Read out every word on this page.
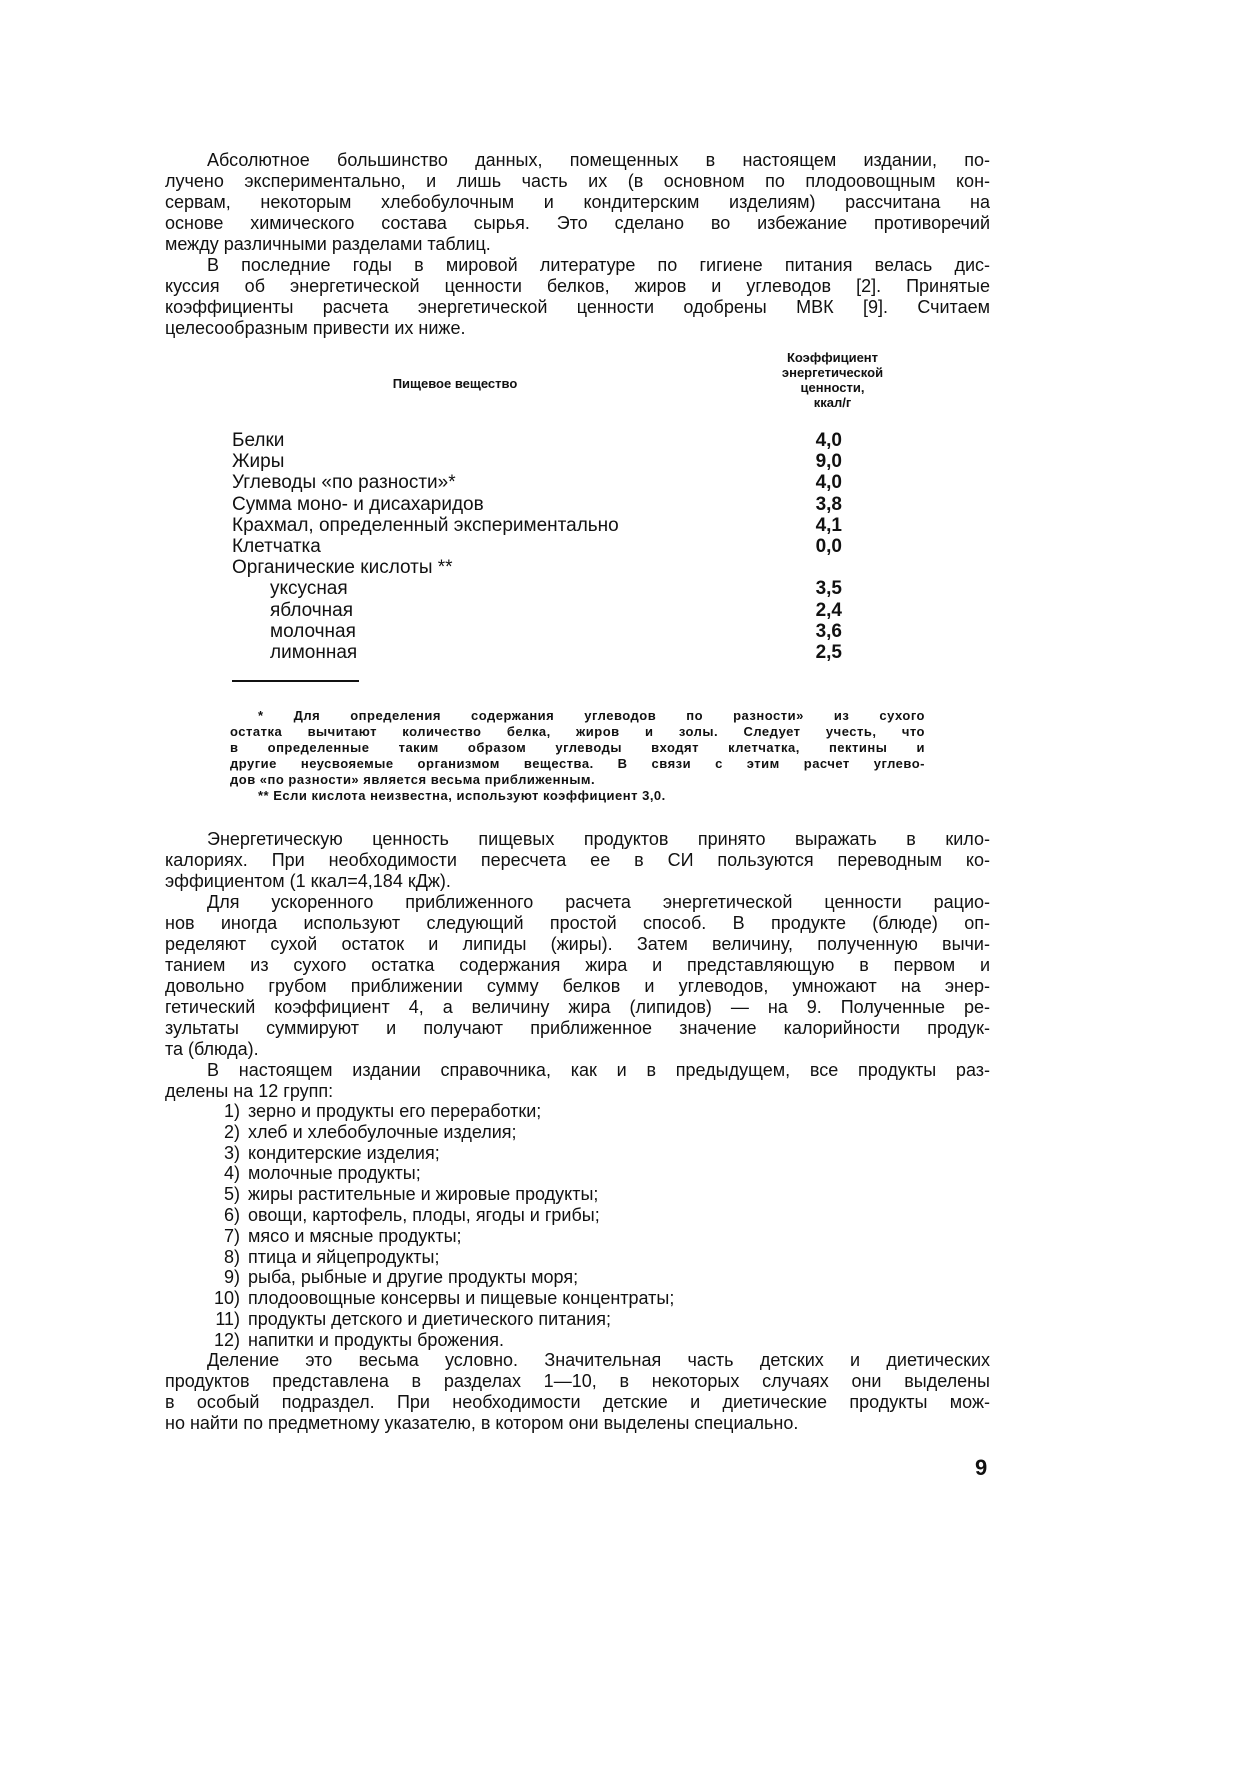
Абсолютное большинство данных, помещенных в настоящем издании, по-
лучено экспериментально, и лишь часть их (в основном по плодоовощным кон-
сервам, некоторым хлебобулочным и кондитерским изделиям) рассчитана на
основе химического состава сырья. Это сделано во избежание противоречий
между различными разделами таблиц.
В последние годы в мировой литературе по гигиене питания велась дис-
куссия об энергетической ценности белков, жиров и углеводов [2]. Принятые
коэффициенты расчета энергетической ценности одобрены МВК [9]. Считаем
целесообразным привести их ниже.
Пищевое вещество
Коэффициент
энергетической
ценности,
ккал/г
Белки	4,0
Жиры	9,0
Углеводы «по разности»*	4,0
Сумма моно- и дисахаридов	3,8
Крахмал, определенный экспериментально	4,1
Клетчатка	0,0
Органические кислоты **
уксусная	3,5
яблочная	2,4
молочная	3,6
лимонная	2,5
* Для определения содержания углеводов по разности» из сухого
остатка вычитают количество белка, жиров и золы. Следует учесть, что
в определенные таким образом углеводы входят клетчатка, пектины и
другие неусвояемые организмом вещества. В связи с этим расчет углево-
дов «по разности» является весьма приближенным.
** Если кислота неизвестна, используют коэффициент 3,0.
Энергетическую ценность пищевых продуктов принято выражать в кило-
калориях. При необходимости пересчета ее в СИ пользуются переводным ко-
эффициентом (1 ккал=4,184 кДж).
Для ускоренного приближенного расчета энергетической ценности рацио-
нов иногда используют следующий простой способ. В продукте (блюде) оп-
ределяют сухой остаток и липиды (жиры). Затем величину, полученную вычи-
танием из сухого остатка содержания жира и представляющую в первом и
довольно грубом приближении сумму белков и углеводов, умножают на энер-
гетический коэффициент 4, а величину жира (липидов) — на 9. Полученные ре-
зультаты суммируют и получают приближенное значение калорийности продук-
та (блюда).
В настоящем издании справочника, как и в предыдущем, все продукты раз-
делены на 12 групп:
1) зерно и продукты его переработки;
2) хлеб и хлебобулочные изделия;
3) кондитерские изделия;
4) молочные продукты;
5) жиры растительные и жировые продукты;
6) овощи, картофель, плоды, ягоды и грибы;
7) мясо и мясные продукты;
8) птица и яйцепродукты;
9) рыба, рыбные и другие продукты моря;
10) плодоовощные консервы и пищевые концентраты;
11) продукты детского и диетического питания;
12) напитки и продукты брожения.
Деление это весьма условно. Значительная часть детских и диетических
продуктов представлена в разделах 1—10, в некоторых случаях они выделены
в особый подраздел. При необходимости детские и диетические продукты мож-
но найти по предметному указателю, в котором они выделены специально.
9
